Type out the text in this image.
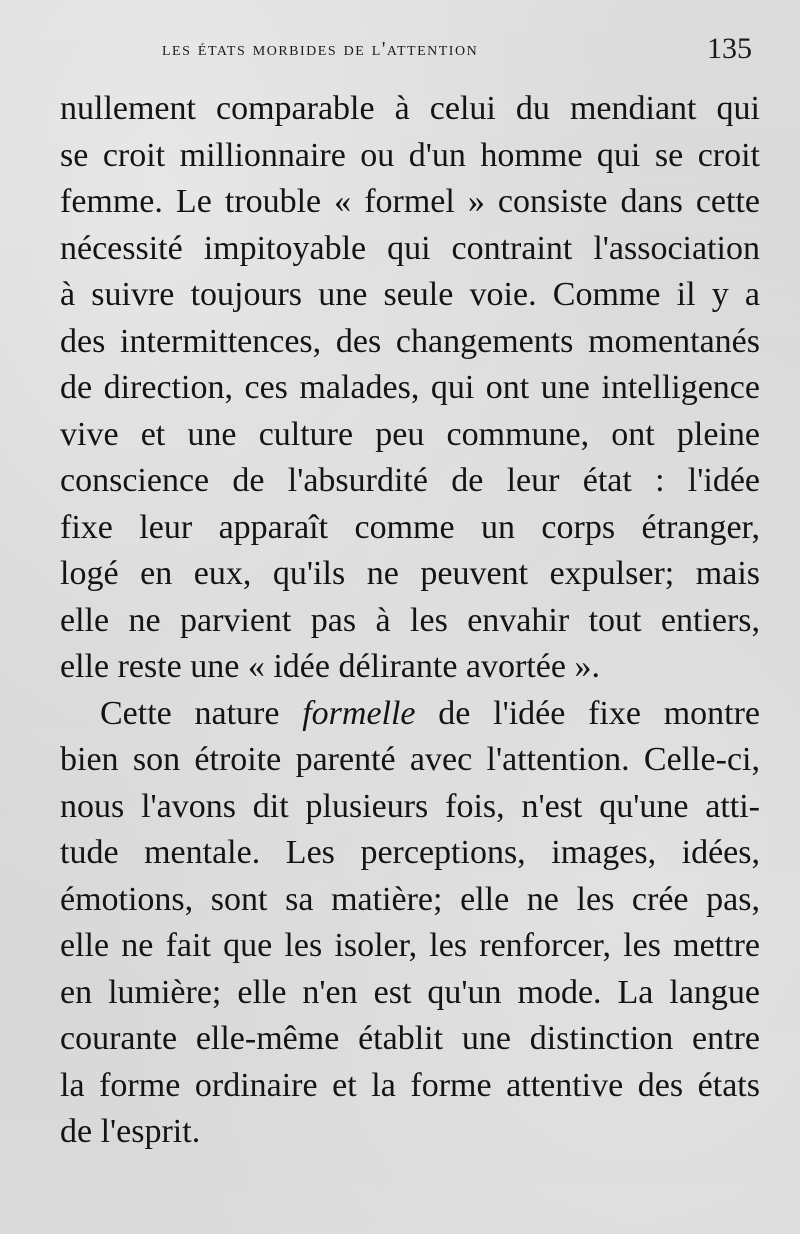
les états morbides de l'attention	135
nullement comparable à celui du mendiant qui
se croit millionnaire ou d'un homme qui se croit
femme. Le trouble « formel » consiste dans cette
nécessité impitoyable qui contraint l'association
à suivre toujours une seule voie. Comme il y a
des intermittences, des changements momentanés
de direction, ces malades, qui ont une intelligence
vive et une culture peu commune, ont pleine
conscience de l'absurdité de leur état : l'idée
fixe leur apparaît comme un corps étranger,
logé en eux, qu'ils ne peuvent expulser; mais
elle ne parvient pas à les envahir tout entiers,
elle reste une « idée délirante avortée ».
Cette nature formelle de l'idée fixe montre
bien son étroite parenté avec l'attention. Celle-ci,
nous l'avons dit plusieurs fois, n'est qu'une atti-
tude mentale. Les perceptions, images, idées,
émotions, sont sa matière; elle ne les crée pas,
elle ne fait que les isoler, les renforcer, les mettre
en lumière; elle n'en est qu'un mode. La langue
courante elle-même établit une distinction entre
la forme ordinaire et la forme attentive des états
de l'esprit.
